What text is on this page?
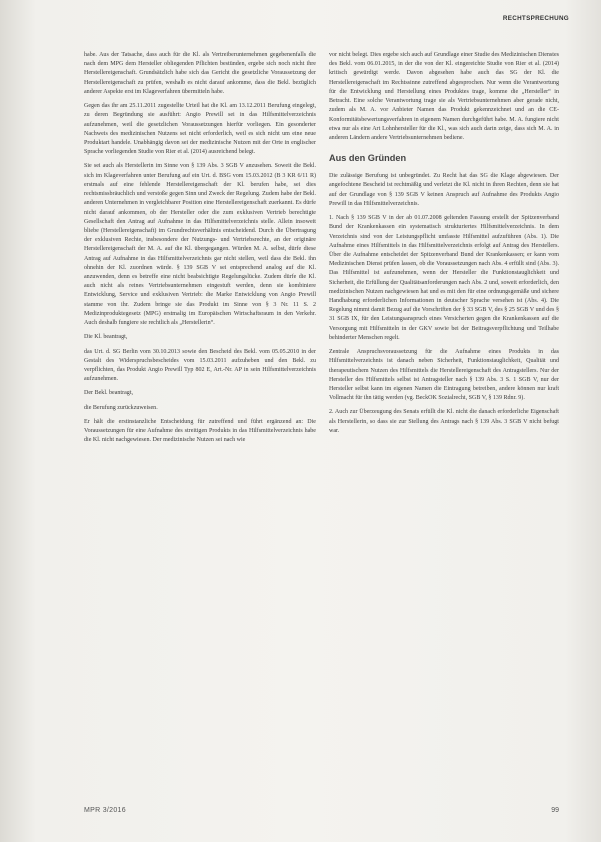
RECHTSPRECHUNG

habe. Aus der Tatsache, dass auch für die Kl. als Vertreiberunternehmen gegebenenfalls die nach dem MPG dem Hersteller obliegenden Pflichten bestünden, ergebe sich noch nicht ihre Herstellereigenschaft. Grundsätzlich habe sich das Gericht die gesetzliche Voraussetzung der Herstellereigenschaft zu prüfen, weshalb es nicht darauf ankomme, dass die Bekl. bezüglich anderer Aspekte erst im Klageverfahren übermitteln habe.

Gegen das ihr am 25.11.2011 zugestellte Urteil hat die Kl. am 13.12.2011 Berufung eingelegt, zu deren Begründung sie ausführt: Angio Prewill sei in das Hilfsmittelverzeichnis aufzunehmen, weil die gesetzlichen Voraussetzungen hierfür vorliegen. Ein gesonderter Nachweis des medizinischen Nutzens sei nicht erforderlich, weil es sich nicht um eine neue Produktart handele. Unabhängig davon sei der medizinische Nutzen mit der Orte in englischer Sprache vorliegenden Studie von Rier et al. (2014) ausreichend belegt.

Sie sei auch als Herstellerin im Sinne von § 139 Abs. 3 SGB V anzusehen. Soweit die Bekl. sich im Klageverfahren unter Berufung auf ein Urt. d. BSG vom 15.03.2012 (B 3 KR 6/11 R) erstmals auf eine fehlende Herstellereigenschaft der Kl. berufen habe, sei dies rechtsmissbräuchlich und verstoße gegen Sinn und Zweck der Regelung. Zudem habe der Bekl. anderen Unternehmen in vergleichbarer Position eine Herstellereigenschaft zuerkannt. Es dürfe nicht darauf ankommen, ob der Hersteller oder die zum exklusiven Vertrieb berechtigte Gesellschaft den Antrag auf Aufnahme in das Hilfsmittelverzeichnis stelle. Allein insoweit bliebe (Herstellereigenschaft) im Grundrechtsverhältnis entscheidend. Durch die Übertragung der exklusiven Rechte, insbesondere der Nutzungs- und Vertriebsrechte, an der originäre Herstellereigenschaft der M. A. auf die Kl. übergegangen. Würden M. A. selbst, dürfe diese Antrag auf Aufnahme in das Hilfsmittelverzeichnis gar nicht stellen, weil dass die Bekl. ihn ohnehin der Kl. zuordnen würde. § 139 SGB V sei entsprechend analog auf die Kl. anzuwenden, denn es betreffe eine nicht beabsichtigte Regelungslücke. Zudem dürfe die Kl. auch nicht als reines Vertriebsunternehmen eingestuft werden, denn sie kombiniere Entwicklung, Service und exklusiven Vertrieb: die Marke Entwicklung von Angio Prewill stamme von ihr. Zudem bringe sie das Produkt im Sinne von § 3 Nr. 11 S. 2 Medizinproduktegesetz (MPG) erstmalig im Europäischen Wirtschaftsraum in den Verkehr. Auch deshalb fungiere sie rechtlich als „Herstellerin“.

Die Kl. beantragt,

das Urt. d. SG Berlin vom 30.10.2013 sowie den Bescheid des Bekl. vom 05.05.2010 in der Gestalt des Widerspruchsbescheides vom 15.03.2011 aufzuheben und den Bekl. zu verpflichten, das Produkt Angio Prewill Typ 802 E, Art.-Nr. AP in sein Hilfsmittelverzeichnis aufzunehmen.

Der Bekl. beantragt,

die Berufung zurückzuweisen.

Er hält die erstinstanzliche Entscheidung für zutreffend und führt ergänzend an: Die Voraussetzungen für eine Aufnahme des streitigen Produkts in das Hilfsmittelverzeichnis habe die Kl. nicht nachgewiesen. Der medizinische Nutzen sei nach wie

vor nicht belegt. Dies ergebe sich auch auf Grundlage einer Studie des Medizinischen Dienstes des Bekl. vom 06.01.2015, in der die von der Kl. eingereichte Studie von Rier et al. (2014) kritisch gewürdigt werde. Davon abgesehen habe auch das SG der Kl. die Herstellereigenschaft im Rechtssinne zutreffend abgesprochen. Nur wenn die Verantwortung für die Entwicklung und Herstellung eines Produktes trage, komme die „Hersteller“ in Betracht. Eine solche Verantwortung trage sie als Vertriebsunternehmen aber gerade nicht, zudem als M. A. vor Anbieter Namen das Produkt gekennzeichnet und an die CE-Konformitätsbewertungsverfahren in eigenem Namen durchgeführt habe. M. A. fungiere nicht etwa nur als eine Art Lohnhersteller für die Kl., was sich auch darin zeige, dass sich M. A. in anderen Ländern andere Vertriebsunternehmen bediene.

Aus den Gründen

Die zulässige Berufung ist unbegründet. Zu Recht hat das SG die Klage abgewiesen. Der angefochtene Bescheid ist rechtmäßig und verletzt die Kl. nicht in ihren Rechten, denn sie hat auf der Grundlage von § 139 SGB V keinen Anspruch auf Aufnahme des Produkts Angio Prewill in das Hilfsmittelverzeichnis.

1. Nach § 139 SGB V in der ab 01.07.2008 geltenden Fassung erstellt der Spitzenverband Bund der Krankenkassen ein systematisch strukturiertes Hilfsmittelverzeichnis. In dem Verzeichnis sind von der Leistungspflicht umfasste Hilfsmittel aufzuführen (Abs. 1). Die Aufnahme eines Hilfsmittels in das Hilfsmittelverzeichnis erfolgt auf Antrag des Herstellers. Über die Aufnahme entscheidet der Spitzenverband Bund der Krankenkassen; er kann vom Medizinischen Dienst prüfen lassen, ob die Voraussetzungen nach Abs. 4 erfüllt sind (Abs. 3). Das Hilfsmittel ist aufzunehmen, wenn der Hersteller die Funktionstauglichkeit und Sicherheit, die Erfüllung der Qualitätsanforderungen nach Abs. 2 und, soweit erforderlich, den medizinischen Nutzen nachgewiesen hat und es mit den für eine ordnungsgemäße und sichere Handhabung erforderlichen Informationen in deutscher Sprache versehen ist (Abs. 4). Die Regelung nimmt damit Bezug auf die Vorschriften der § 33 SGB V, des § 25 SGB V und des § 31 SGB IX, für den Leistungsanspruch eines Versicherten gegen die Krankenkassen auf die Versorgung mit Hilfsmitteln in der GKV sowie bei der Beitragsverpflichtung und Teilhabe behinderter Menschen regelt.

Zentrale Anspruchsvoraussetzung für die Aufnahme eines Produkts in das Hilfsmittelverzeichnis ist danach neben Sicherheit, Funktionstauglichkeit, Qualität und therapeutischem Nutzen des Hilfsmittels die Herstellereigenschaft des Antragstellers. Nur der Hersteller des Hilfsmittels selbst ist Antragsteller nach § 139 Abs. 3 S. 1 SGB V, nur der Hersteller selbst kann im eigenen Namen die Eintragung betreiben, andere können nur kraft Vollmacht für ihn tätig werden (vg. BeckOK Sozialrecht, SGB V, § 139 Rdnr. 9).

2. Auch zur Überzeugung des Senats erfüllt die Kl. nicht die danach erforderliche Eigenschaft als Herstellerin, so dass sie zur Stellung des Antrags nach § 139 Abs. 3 SGB V nicht befugt war.

MPR 3/2016	99
